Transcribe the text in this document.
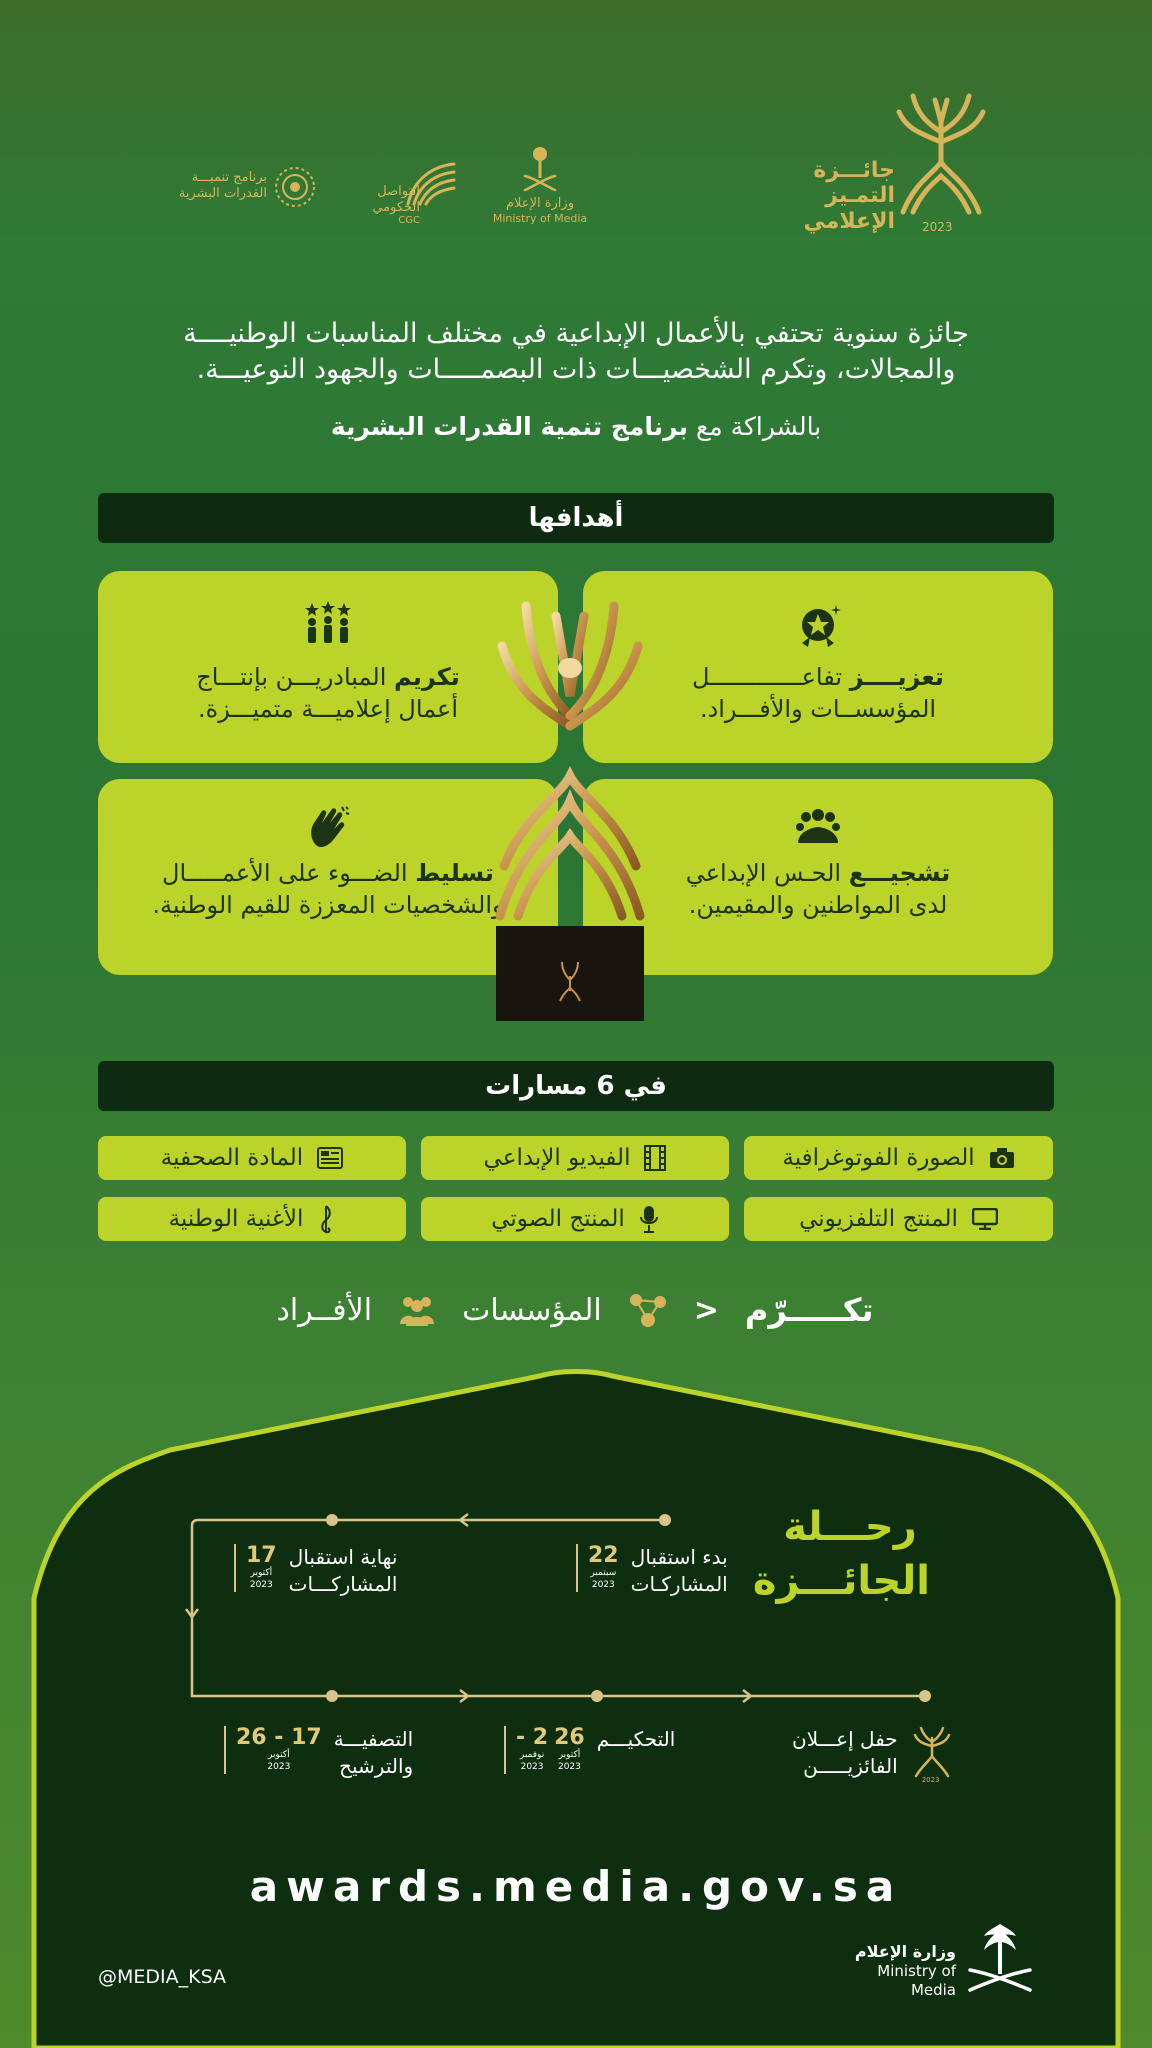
جائـــزة
التمـيز
الإعلامي 2023
وزارة الإعلام
Ministry of Media
التواصل
الحكومي
CGC
برنامج تنميـــة
القدرات البشرية
جائزة سنوية تحتفي بالأعمال الإبداعية في مختلف المناسبات الوطنيــــة
والمجالات، وتكرم الشخصيـــات ذات البصمـــــات والجهود النوعيـــة.
بالشراكة مع برنامج تنمية القدرات البشرية
أهدافها
تعزيــــز تفاعـــــــــــــل
المؤسســات والأفـــراد.
تكريم المبادريـــن بإنتـــاج
أعمال إعلاميـــة متميـــزة.
تشجيـــع الحـس الإبداعي
لدى المواطنين والمقيمين.
تسليط الضـــوء على الأعمـــــال
والشخصيات المعززة للقيم الوطنية.
في 6 مسارات
الصورة الفوتوغرافية
الفيديو الإبداعي
المادة الصحفية
المنتج التلفزيوني
المنتج الصوتي
الأغنية الوطنية
تكـــــرّم
<
المؤسسات
الأفــراد
رحـــلة
الجائـــزة
بدء استقبال
المشاركـات
22
سبتمبر
2023
نهاية استقبال
المشاركـــات
17
أكتوبر
2023
التصفيـــة
والترشيح
17 - 26
أكتوبر
2023
التحكيـــم
26
أكتوبر
2023
2 -
نوفمبر
2023
2023
حفل إعـــلان
الفائزيـــــن
awards.media.gov.sa
@MEDIA_KSA
وزارة الإعلام
Ministry of Media
